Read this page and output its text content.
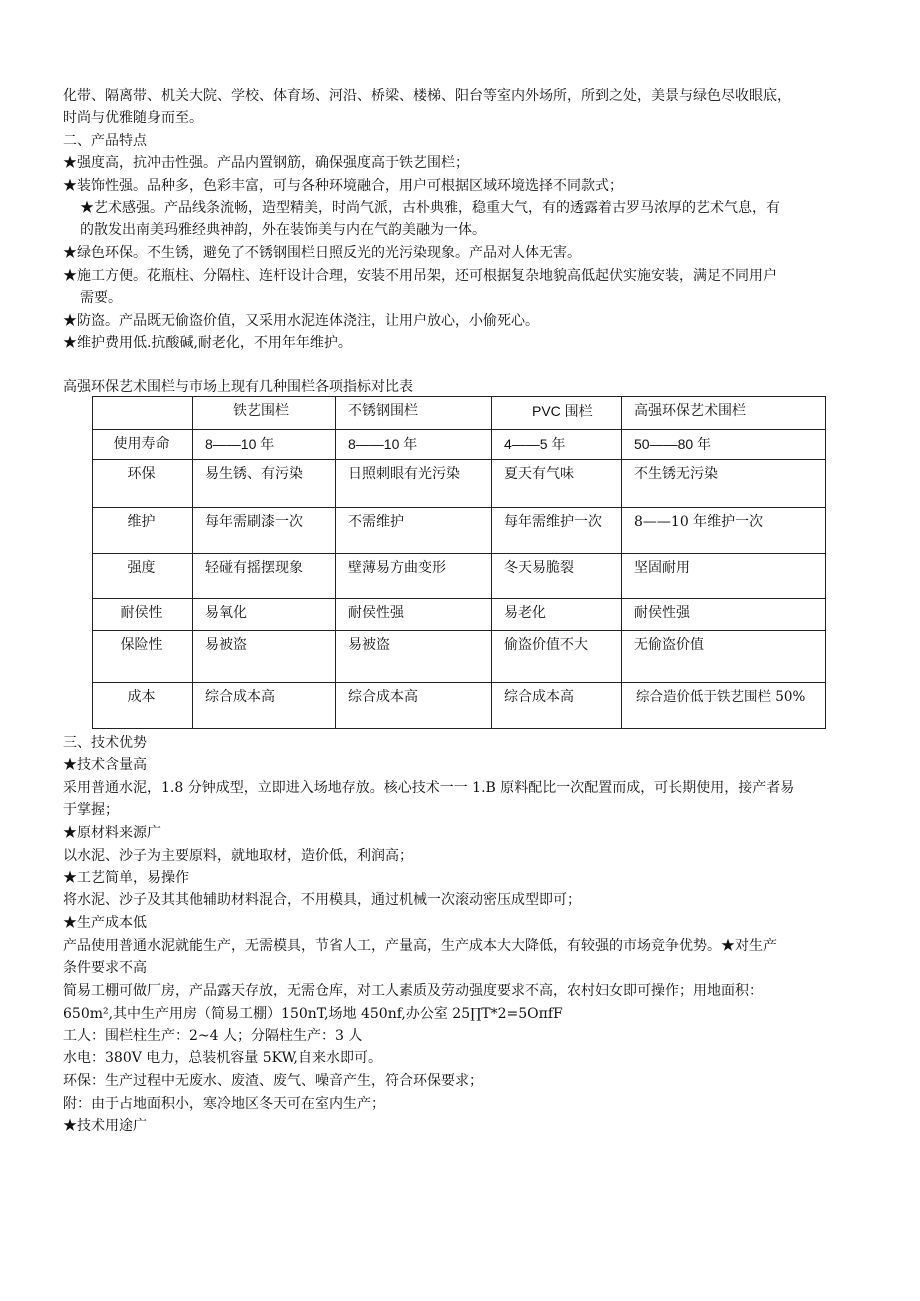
化带、隔离带、机关大院、学校、体育场、河沿、桥梁、楼梯、阳台等室内外场所，所到之处，美景与绿色尽收眼底，
时尚与优雅随身而至。
二、产品特点
★强度高，抗冲击性强。产品内置钢筋，确保强度高于铁艺围栏；
★装饰性强。品种多，色彩丰富，可与各种环境融合，用户可根据区域环境选择不同款式；
★艺术感强。产品线条流畅，造型精美，时尚气派，古朴典雅，稳重大气，有的透露着古罗马浓厚的艺术气息，有
的散发出南美玛雅经典神韵，外在装饰美与内在气韵美融为一体。
★绿色环保。不生锈，避免了不锈钢围栏日照反光的光污染现象。产品对人体无害。
★施工方便。花瓶柱、分隔柱、连杆设计合理，安装不用吊架，还可根据复杂地貌高低起伏实施安装，满足不同用户
需要。
★防盗。产品既无偷盗价值，又采用水泥连体浇注，让用户放心，小偷死心。
★维护费用低.抗酸碱,耐老化，不用年年维护。
高强环保艺术围栏与市场上现有几种围栏各项指标对比表
	铁艺围栏	不锈钢围栏	PVC 围栏	高强环保艺术围栏
使用寿命	8——10 年	8——10 年	4——5 年	50——80 年
环保	易生锈、有污染	日照刺眼有光污染	夏天有气味	不生锈无污染
维护	每年需刷漆一次	不需维护	每年需维护一次	8——10 年维护一次
强度	轻碰有摇摆现象	壁薄易方曲变形	冬天易脆裂	坚固耐用
耐侯性	易氧化	耐侯性强	易老化	耐侯性强
保险性	易被盗	易被盗	偷盗价值不大	无偷盗价值
成本	综合成本高	综合成本高	综合成本高	综合造价低于铁艺围栏 50%
三、技术优势
★技术含量高
采用普通水泥，1.8 分钟成型，立即进入场地存放。核心技术一一 1.B 原料配比一次配置而成，可长期使用，接产者易
于掌握；
★原材料来源广
以水泥、沙子为主要原料，就地取材，造价低，利润高；
★工艺简单，易操作
将水泥、沙子及其其他辅助材料混合，不用模具，通过机械一次滚动密压成型即可；
★生产成本低
产品使用普通水泥就能生产，无需模具，节省人工，产量高，生产成本大大降低，有较强的市场竞争优势。★对生产
条件要求不高
简易工棚可做厂房，产品露天存放，无需仓库，对工人素质及劳动强度要求不高，农村妇女即可操作；用地面积：
650m²,其中生产用房（简易工棚）150nT,场地 450nf,办公室 25∏T*2=5OπfF
工人：围栏柱生产：2~4 人；分隔柱生产：3 人
水电：380V 电力，总装机容量 5KW,自来水即可。
环保：生产过程中无废水、废渣、废气、噪音产生，符合环保要求；
附：由于占地面积小，寒冷地区冬天可在室内生产；
★技术用途广
